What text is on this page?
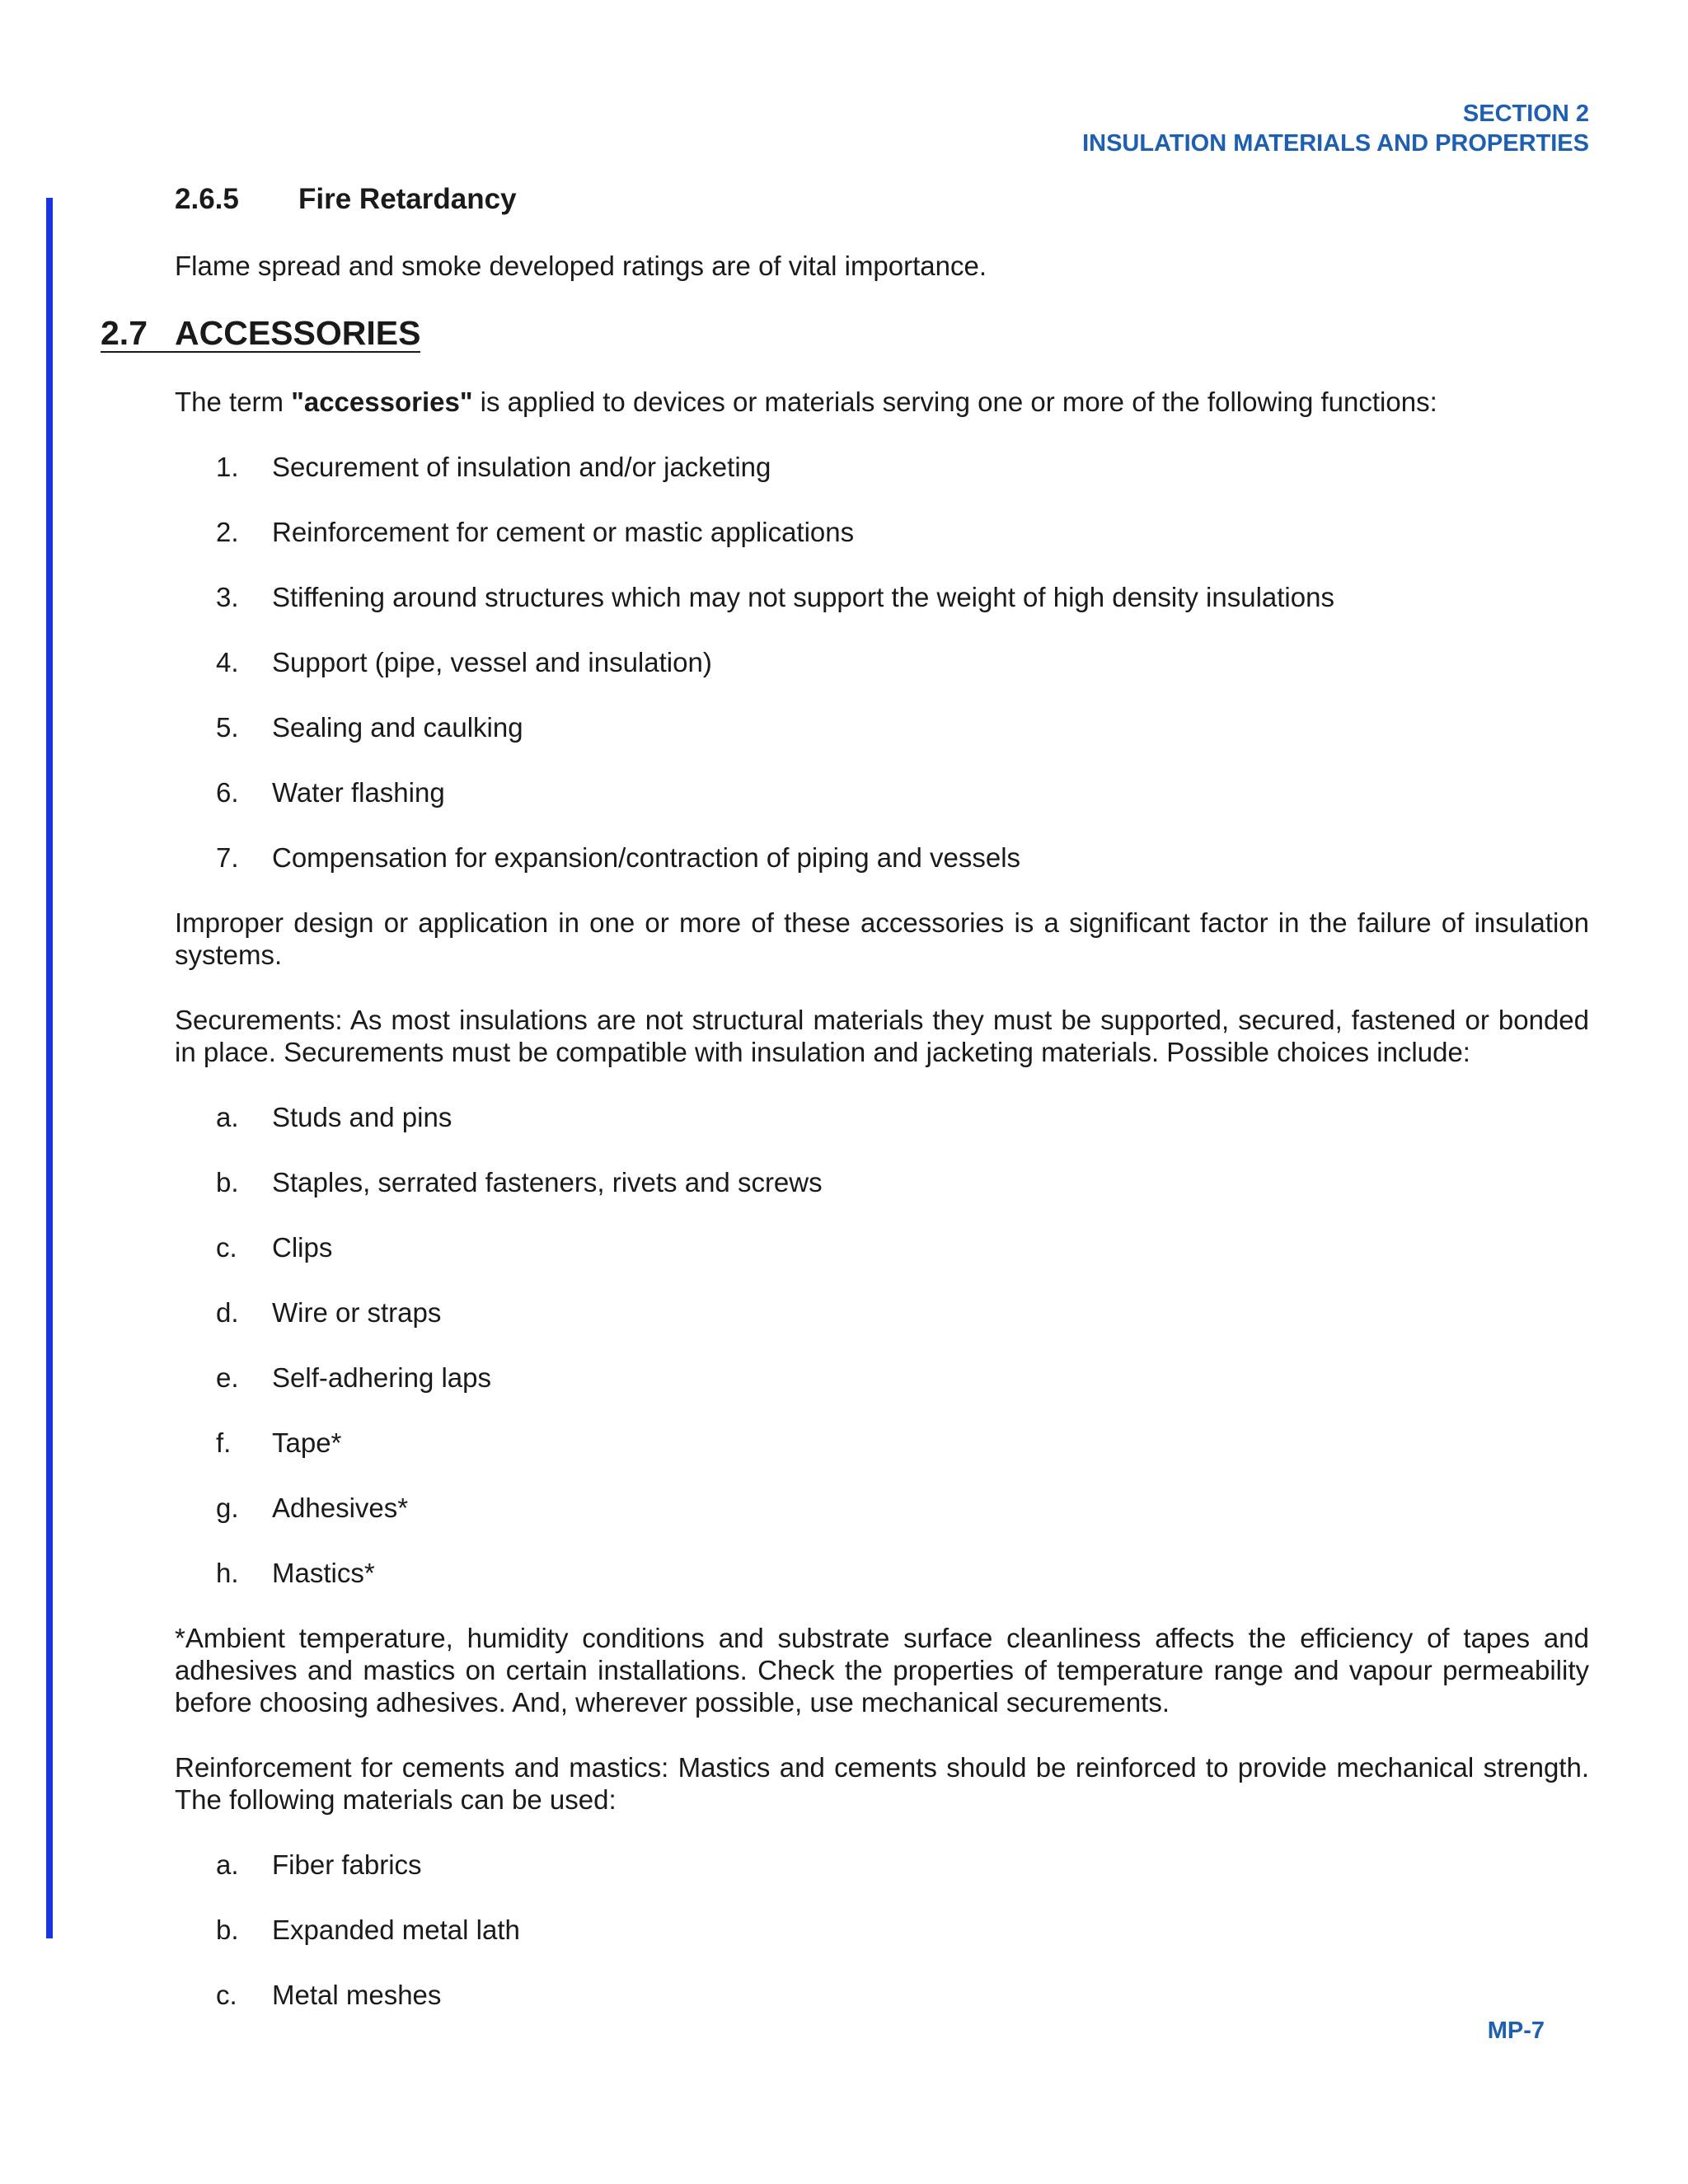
SECTION 2
INSULATION MATERIALS AND PROPERTIES
2.6.5	Fire Retardancy

Flame spread and smoke developed ratings are of vital importance.

2.7 ACCESSORIES

The term "accessories" is applied to devices or materials serving one or more of the following functions:

1.	Securement of insulation and/or jacketing
2.	Reinforcement for cement or mastic applications
3.	Stiffening around structures which may not support the weight of high density insulations
4.	Support (pipe, vessel and insulation)
5.	Sealing and caulking
6.	Water flashing
7.	Compensation for expansion/contraction of piping and vessels

Improper design or application in one or more of these accessories is a significant factor in the failure of insulation systems.

Securements: As most insulations are not structural materials they must be supported, secured, fastened or bonded in place. Securements must be compatible with insulation and jacketing materials. Possible choices include:

a.	Studs and pins
b.	Staples, serrated fasteners, rivets and screws
c.	Clips
d.	Wire or straps
e.	Self-adhering laps
f.	Tape*
g.	Adhesives*
h.	Mastics*

*Ambient temperature, humidity conditions and substrate surface cleanliness affects the efficiency of tapes and adhesives and mastics on certain installations. Check the properties of temperature range and vapour permeability before choosing adhesives. And, wherever possible, use mechanical securements.

Reinforcement for cements and mastics: Mastics and cements should be reinforced to provide mechanical strength. The following materials can be used:

a.	Fiber fabrics
b.	Expanded metal lath
c.	Metal meshes
MP-7
